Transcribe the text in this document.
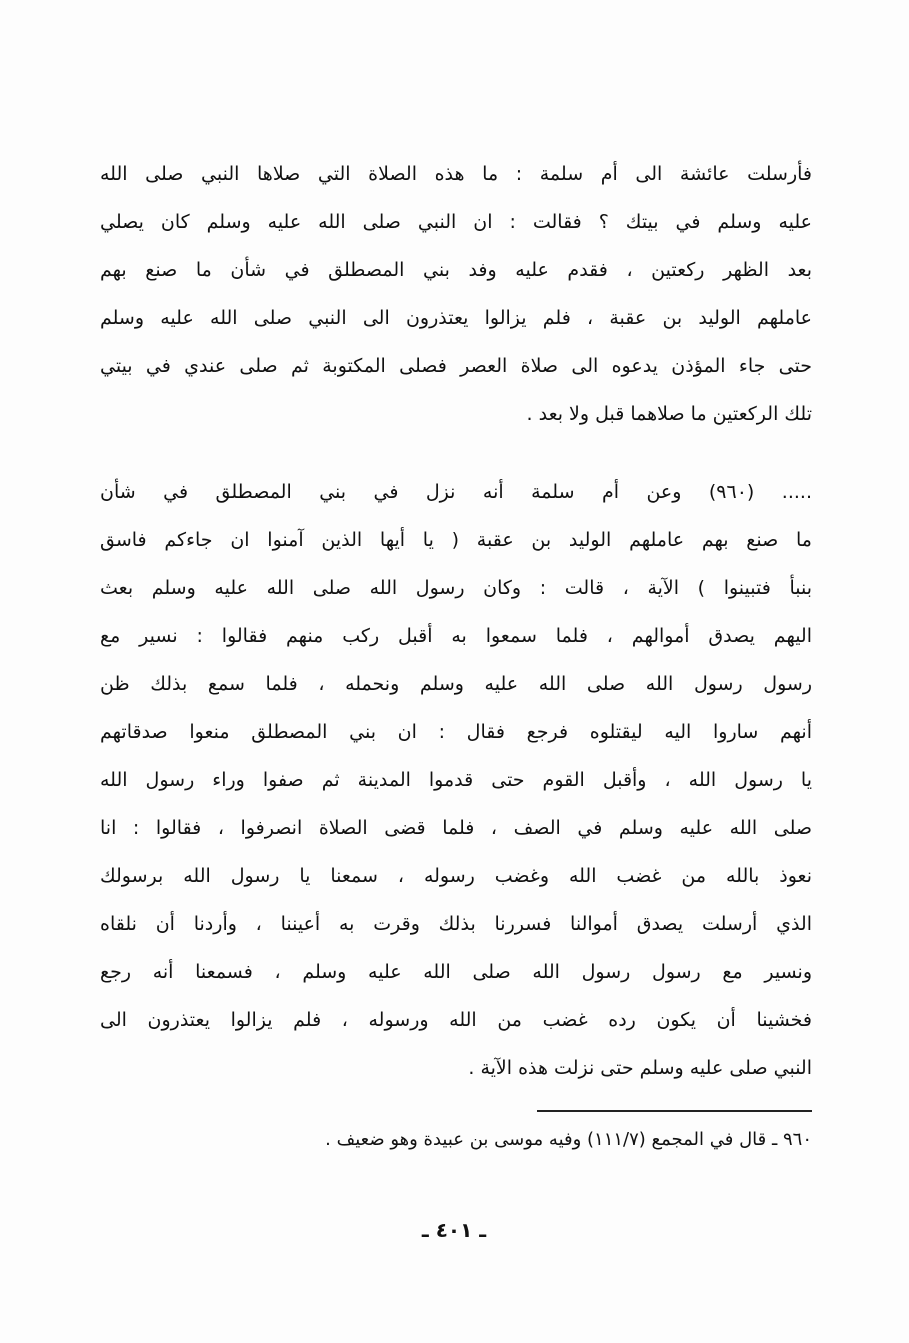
فأرسلت عائشة الى أم سلمة : ما هذه الصلاة التي صلاها النبي صلى الله
عليه وسلم في بيتك ؟ فقالت : ان النبي صلى الله عليه وسلم كان يصلي
بعد الظهر ركعتين ، فقدم عليه وفد بني المصطلق في شأن ما صنع بهم
عاملهم الوليد بن عقبة ، فلم يزالوا يعتذرون الى النبي صلى الله عليه وسلم
حتى جاء المؤذن يدعوه الى صلاة العصر فصلى المكتوبة ثم صلى عندي في بيتي
تلك الركعتين ما صلاهما قبل ولا بعد .
..... (٩٦٠) وعن أم سلمة أنه نزل في بني المصطلق في شأن
ما صنع بهم عاملهم الوليد بن عقبة ( يا أيها الذين آمنوا ان جاءكم فاسق
بنبأ فتبينوا ) الآية ، قالت : وكان رسول الله صلى الله عليه وسلم بعث
اليهم يصدق أموالهم ، فلما سمعوا به أقبل ركب منهم فقالوا : نسير مع
رسول رسول الله صلى الله عليه وسلم ونحمله ، فلما سمع بذلك ظن
أنهم ساروا اليه ليقتلوه فرجع فقال : ان بني المصطلق منعوا صدقاتهم
يا رسول الله ، وأقبل القوم حتى قدموا المدينة ثم صفوا وراء رسول الله
صلى الله عليه وسلم في الصف ، فلما قضى الصلاة انصرفوا ، فقالوا : انا
نعوذ بالله من غضب الله وغضب رسوله ، سمعنا يا رسول الله برسولك
الذي أرسلت يصدق أموالنا فسررنا بذلك وقرت به أعيننا ، وأردنا أن نلقاه
ونسير مع رسول رسول الله صلى الله عليه وسلم ، فسمعنا أنه رجع
فخشينا أن يكون رده غضب من الله ورسوله ، فلم يزالوا يعتذرون الى
النبي صلى عليه وسلم حتى نزلت هذه الآية .
٩٦٠ ـ قال في المجمع (١١١/٧) وفيه موسى بن عبيدة وهو ضعيف .
ـ ٤٠١ ـ
